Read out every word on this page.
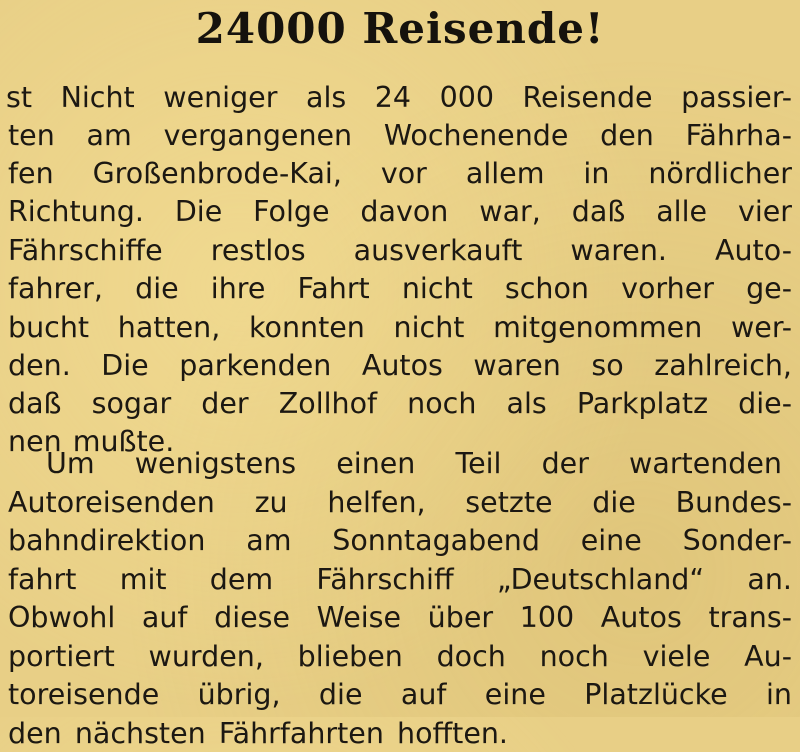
24000 Reisende!
st Nicht weniger als 24 000 Reisende passier-
ten am vergangenen Wochenende den Fährha-
fen Großenbrode-Kai, vor allem in nördlicher
Richtung. Die Folge davon war, daß alle vier
Fährschiffe restlos ausverkauft waren. Auto-
fahrer, die ihre Fahrt nicht schon vorher ge-
bucht hatten, konnten nicht mitgenommen wer-
den. Die parkenden Autos waren so zahlreich,
daß sogar der Zollhof noch als Parkplatz die-
nen mußte.
Um wenigstens einen Teil der wartenden
Autoreisenden zu helfen, setzte die Bundes-
bahndirektion am Sonntagabend eine Sonder-
fahrt mit dem Fährschiff „Deutschland“ an.
Obwohl auf diese Weise über 100 Autos trans-
portiert wurden, blieben doch noch viele Au-
toreisende übrig, die auf eine Platzlücke in
den nächsten Fährfahrten hofften.
